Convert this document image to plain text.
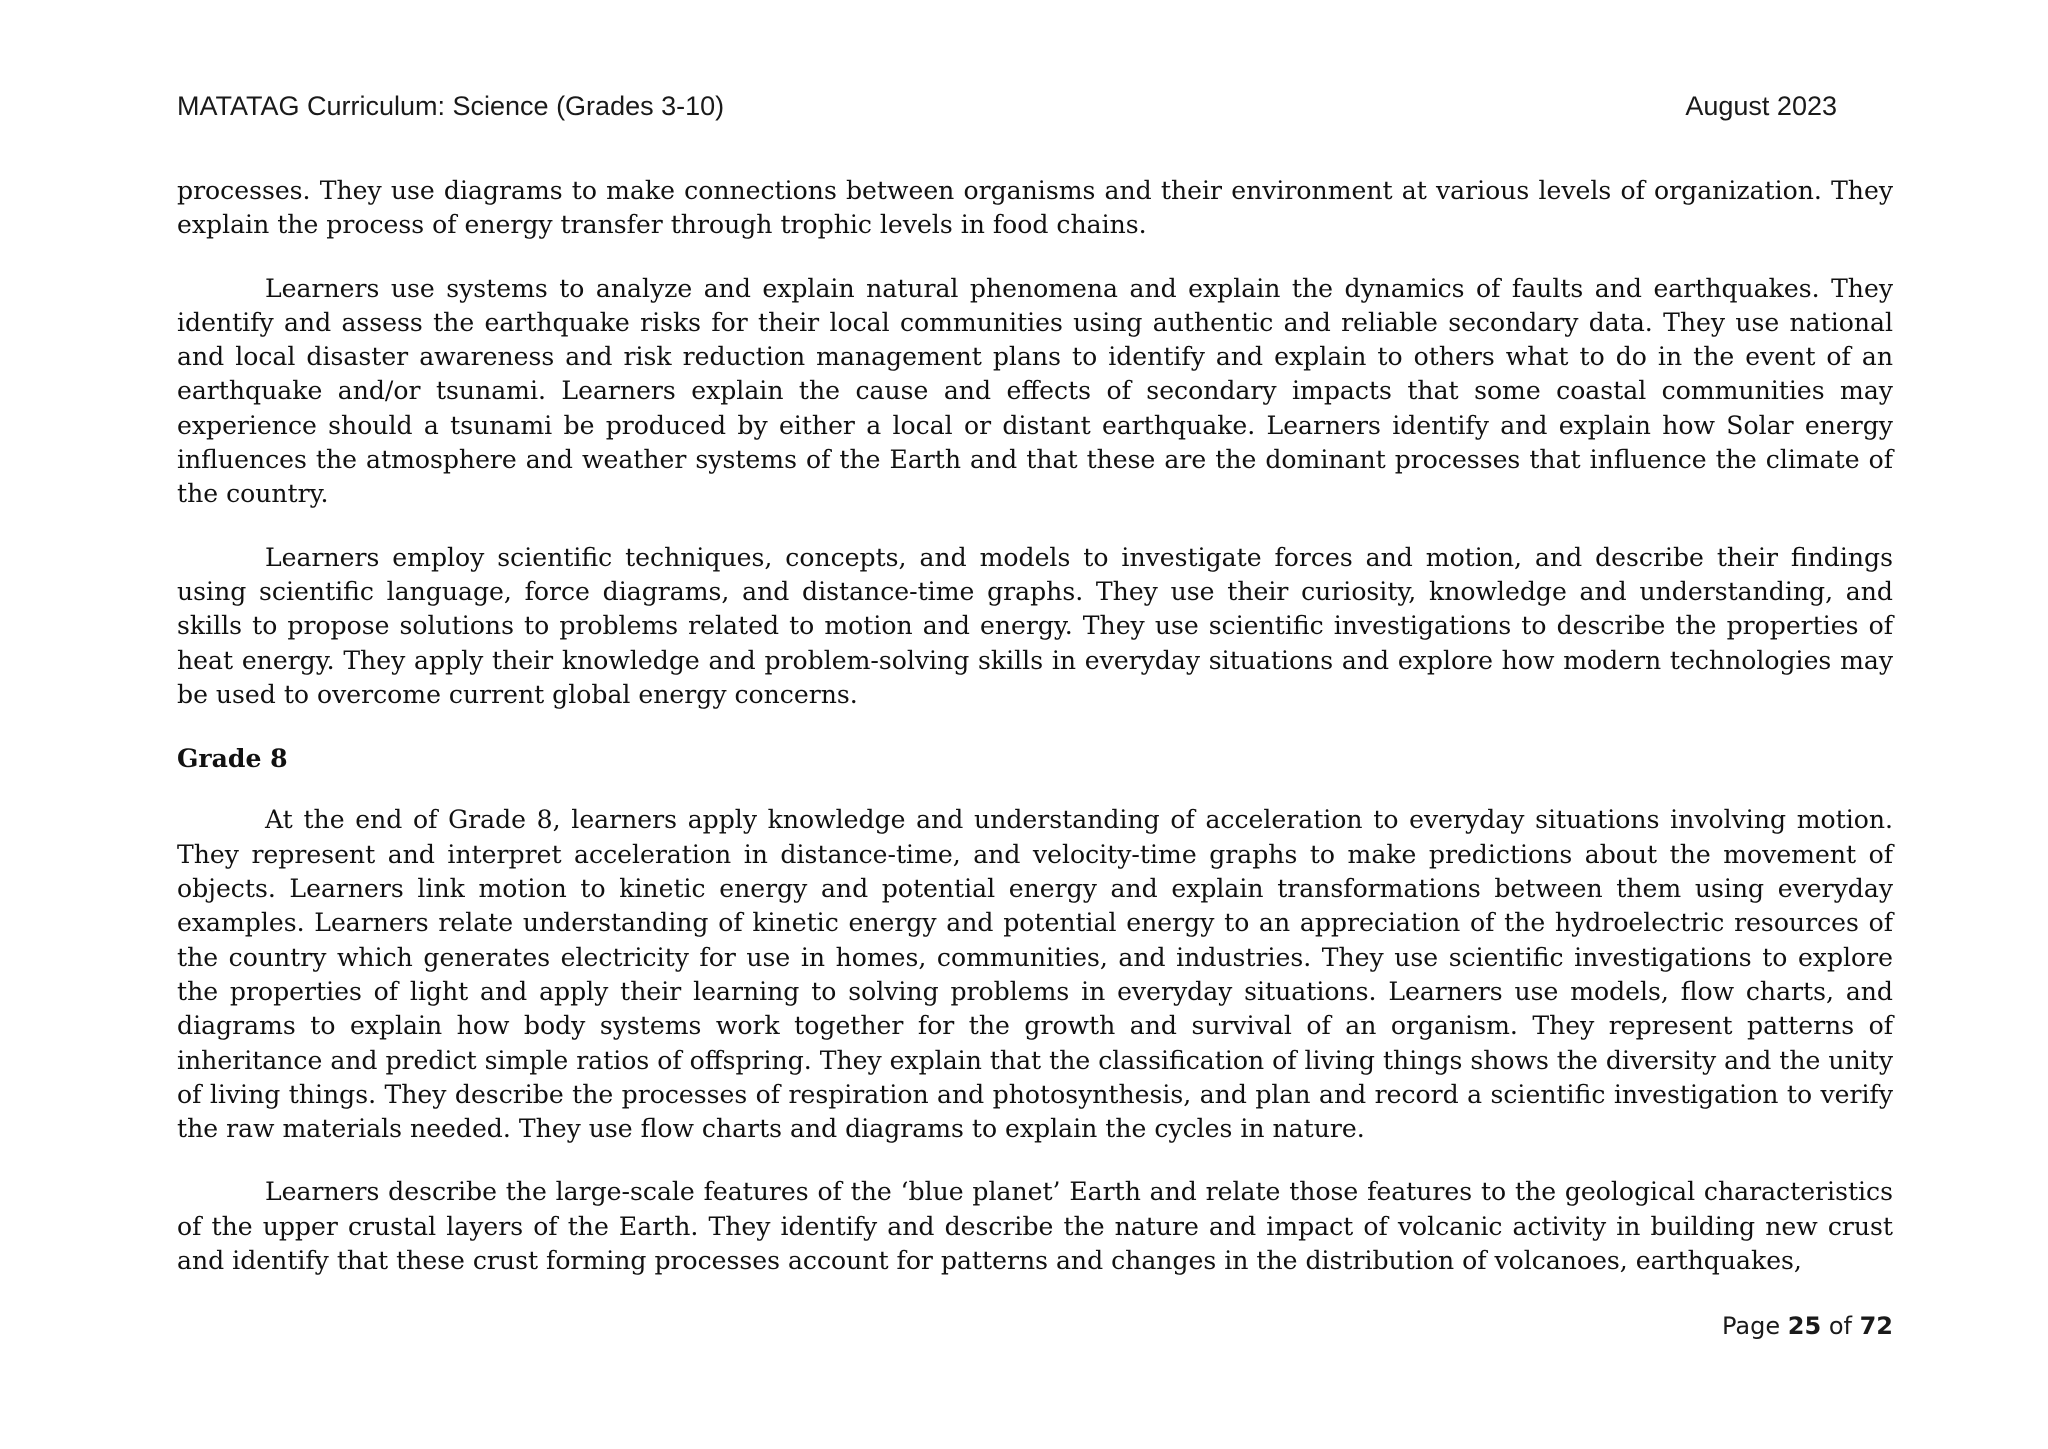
MATATAG Curriculum: Science (Grades 3-10)	August 2023

processes. They use diagrams to make connections between organisms and their environment at various levels of organization. They explain the process of energy transfer through trophic levels in food chains.

Learners use systems to analyze and explain natural phenomena and explain the dynamics of faults and earthquakes. They identify and assess the earthquake risks for their local communities using authentic and reliable secondary data. They use national and local disaster awareness and risk reduction management plans to identify and explain to others what to do in the event of an earthquake and/or tsunami. Learners explain the cause and effects of secondary impacts that some coastal communities may experience should a tsunami be produced by either a local or distant earthquake. Learners identify and explain how Solar energy influences the atmosphere and weather systems of the Earth and that these are the dominant processes that influence the climate of the country.

Learners employ scientific techniques, concepts, and models to investigate forces and motion, and describe their findings using scientific language, force diagrams, and distance-time graphs. They use their curiosity, knowledge and understanding, and skills to propose solutions to problems related to motion and energy. They use scientific investigations to describe the properties of heat energy. They apply their knowledge and problem-solving skills in everyday situations and explore how modern technologies may be used to overcome current global energy concerns.

Grade 8

At the end of Grade 8, learners apply knowledge and understanding of acceleration to everyday situations involving motion. They represent and interpret acceleration in distance-time, and velocity-time graphs to make predictions about the movement of objects. Learners link motion to kinetic energy and potential energy and explain transformations between them using everyday examples. Learners relate understanding of kinetic energy and potential energy to an appreciation of the hydroelectric resources of the country which generates electricity for use in homes, communities, and industries. They use scientific investigations to explore the properties of light and apply their learning to solving problems in everyday situations. Learners use models, flow charts, and diagrams to explain how body systems work together for the growth and survival of an organism. They represent patterns of inheritance and predict simple ratios of offspring. They explain that the classification of living things shows the diversity and the unity of living things. They describe the processes of respiration and photosynthesis, and plan and record a scientific investigation to verify the raw materials needed. They use flow charts and diagrams to explain the cycles in nature.

Learners describe the large-scale features of the ‘blue planet’ Earth and relate those features to the geological characteristics of the upper crustal layers of the Earth. They identify and describe the nature and impact of volcanic activity in building new crust and identify that these crust forming processes account for patterns and changes in the distribution of volcanoes, earthquakes,

Page 25 of 72
